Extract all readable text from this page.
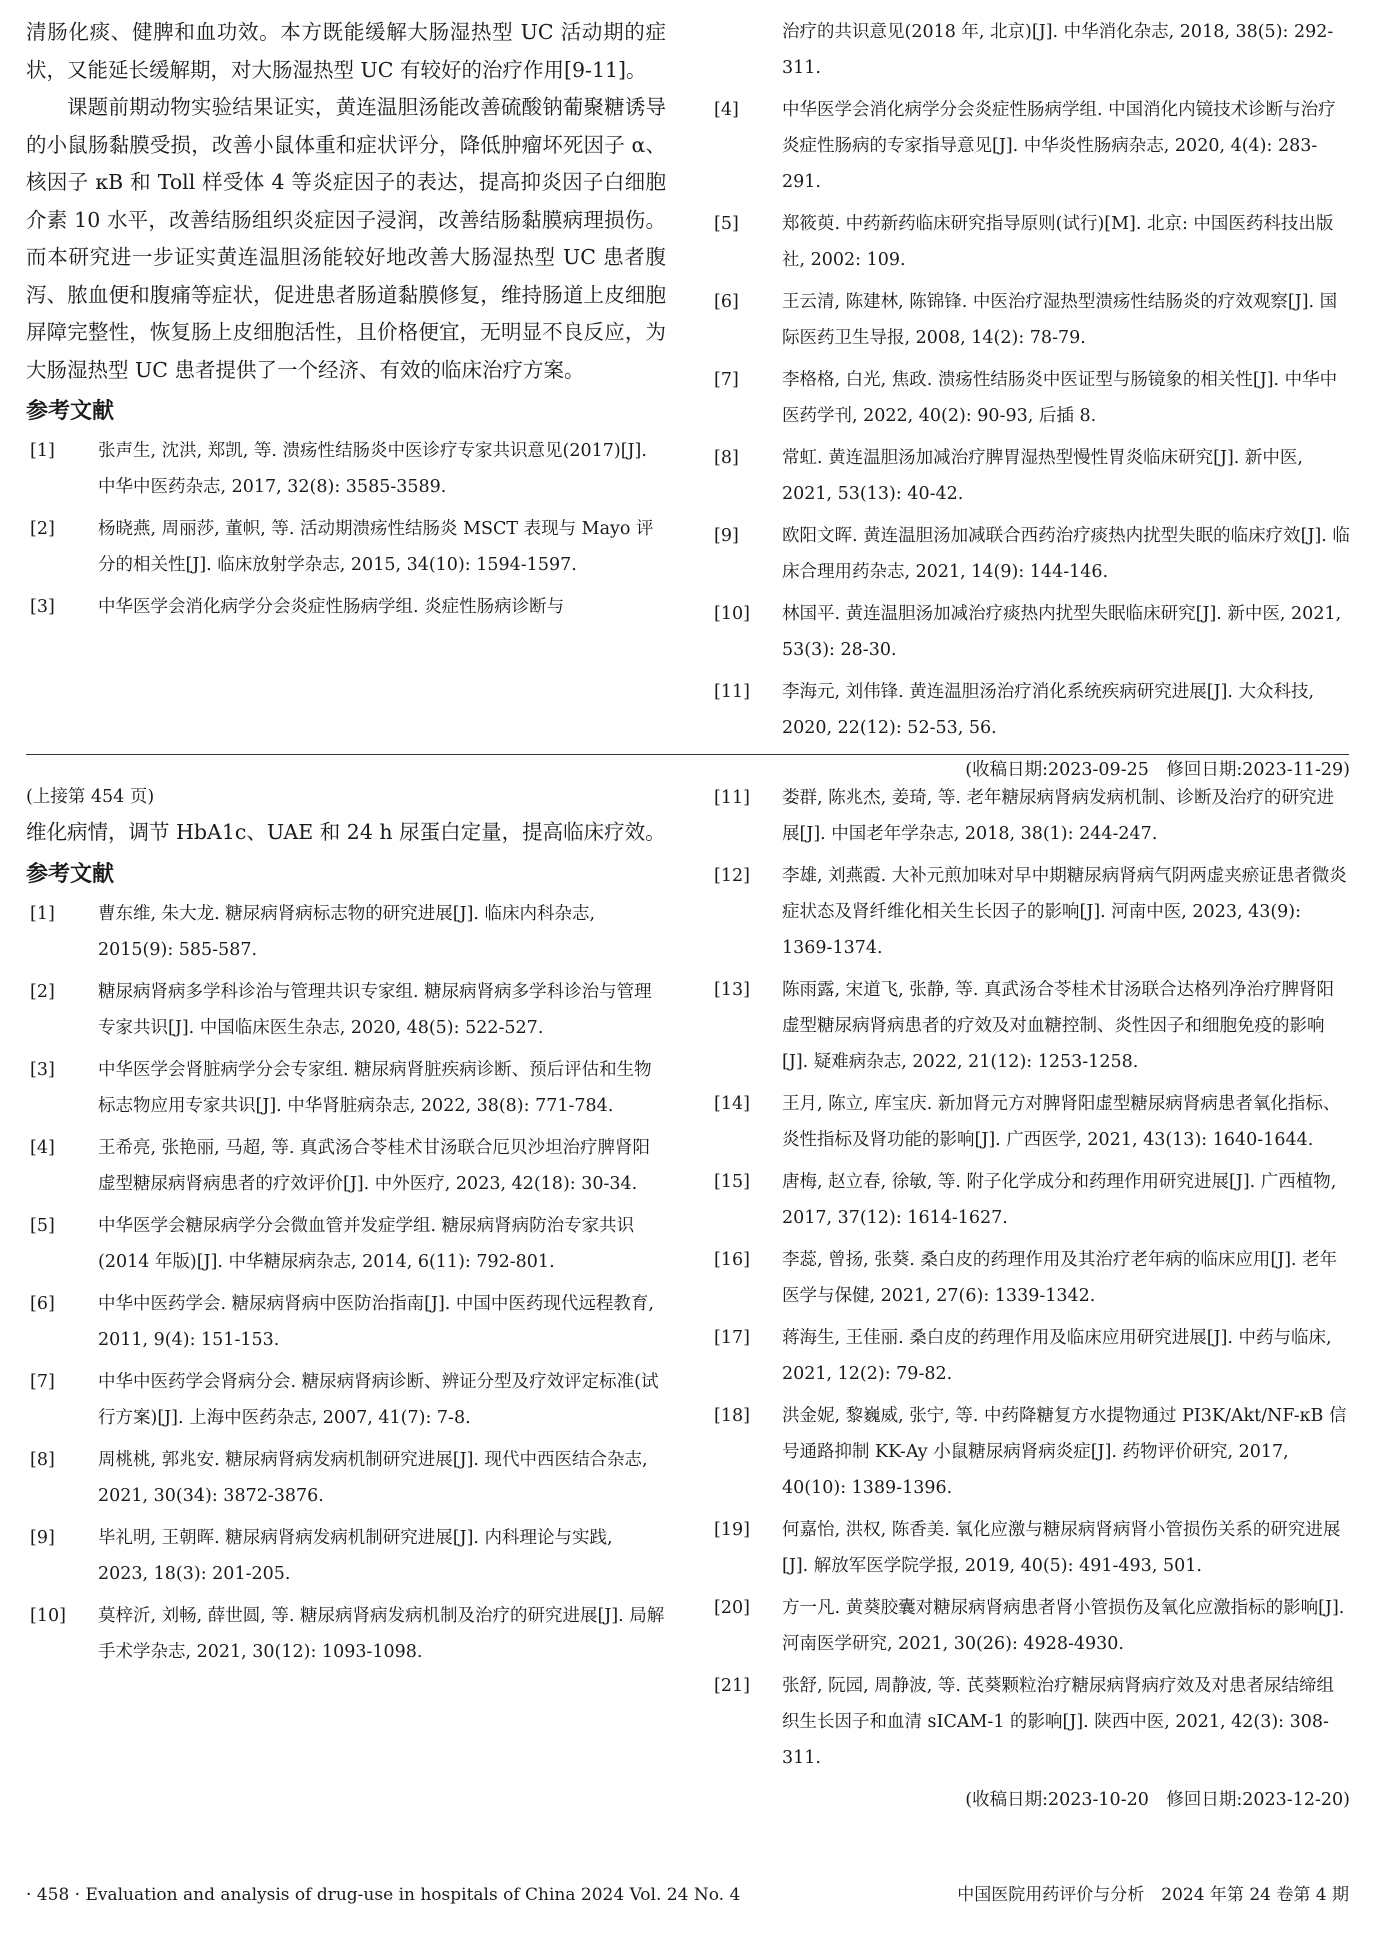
清肠化痰、健脾和血功效。本方既能缓解大肠湿热型 UC 活动期的症状，又能延长缓解期，对大肠湿热型 UC 有较好的治疗作用[9-11]。

课题前期动物实验结果证实，黄连温胆汤能改善硫酸钠葡聚糖诱导的小鼠肠黏膜受损，改善小鼠体重和症状评分，降低肿瘤坏死因子 α、核因子 κB 和 Toll 样受体 4 等炎症因子的表达，提高抑炎因子白细胞介素 10 水平，改善结肠组织炎症因子浸润，改善结肠黏膜病理损伤。而本研究进一步证实黄连温胆汤能较好地改善大肠湿热型 UC 患者腹泻、脓血便和腹痛等症状，促进患者肠道黏膜修复，维持肠道上皮细胞屏障完整性，恢复肠上皮细胞活性，且价格便宜，无明显不良反应，为大肠湿热型 UC 患者提供了一个经济、有效的临床治疗方案。

参考文献
[1] 张声生, 沈洪, 郑凯, 等. 溃疡性结肠炎中医诊疗专家共识意见(2017)[J]. 中华中医药杂志, 2017, 32(8): 3585-3589.
[2] 杨晓燕, 周丽莎, 董帜, 等. 活动期溃疡性结肠炎 MSCT 表现与 Mayo 评分的相关性[J]. 临床放射学杂志, 2015, 34(10): 1594-1597.
[3] 中华医学会消化病学分会炎症性肠病学组. 炎症性肠病诊断与
治疗的共识意见(2018 年, 北京)[J]. 中华消化杂志, 2018, 38(5): 292-311.
[4] 中华医学会消化病学分会炎症性肠病学组. 中国消化内镜技术诊断与治疗炎症性肠病的专家指导意见[J]. 中华炎性肠病杂志, 2020, 4(4): 283-291.
[5] 郑筱萸. 中药新药临床研究指导原则(试行)[M]. 北京: 中国医药科技出版社, 2002: 109.
[6] 王云清, 陈建林, 陈锦锋. 中医治疗湿热型溃疡性结肠炎的疗效观察[J]. 国际医药卫生导报, 2008, 14(2): 78-79.
[7] 李格格, 白光, 焦政. 溃疡性结肠炎中医证型与肠镜象的相关性[J]. 中华中医药学刊, 2022, 40(2): 90-93, 后插 8.
[8] 常虹. 黄连温胆汤加减治疗脾胃湿热型慢性胃炎临床研究[J]. 新中医, 2021, 53(13): 40-42.
[9] 欧阳文晖. 黄连温胆汤加减联合西药治疗痰热内扰型失眠的临床疗效[J]. 临床合理用药杂志, 2021, 14(9): 144-146.
[10] 林国平. 黄连温胆汤加减治疗痰热内扰型失眠临床研究[J]. 新中医, 2021, 53(3): 28-30.
[11] 李海元, 刘伟锋. 黄连温胆汤治疗消化系统疾病研究进展[J]. 大众科技, 2020, 22(12): 52-53, 56.
(收稿日期:2023-09-25　修回日期:2023-11-29)

(上接第 454 页)

维化病情，调节 HbA1c、UAE 和 24 h 尿蛋白定量，提高临床疗效。

参考文献
[1] 曹东维, 朱大龙. 糖尿病肾病标志物的研究进展[J]. 临床内科杂志, 2015(9): 585-587.
[2] 糖尿病肾病多学科诊治与管理共识专家组. 糖尿病肾病多学科诊治与管理专家共识[J]. 中国临床医生杂志, 2020, 48(5): 522-527.
[3] 中华医学会肾脏病学分会专家组. 糖尿病肾脏疾病诊断、预后评估和生物标志物应用专家共识[J]. 中华肾脏病杂志, 2022, 38(8): 771-784.
[4] 王希亮, 张艳丽, 马超, 等. 真武汤合苓桂术甘汤联合厄贝沙坦治疗脾肾阳虚型糖尿病肾病患者的疗效评价[J]. 中外医疗, 2023, 42(18): 30-34.
[5] 中华医学会糖尿病学分会微血管并发症学组. 糖尿病肾病防治专家共识(2014 年版)[J]. 中华糖尿病杂志, 2014, 6(11): 792-801.
[6] 中华中医药学会. 糖尿病肾病中医防治指南[J]. 中国中医药现代远程教育, 2011, 9(4): 151-153.
[7] 中华中医药学会肾病分会. 糖尿病肾病诊断、辨证分型及疗效评定标准(试行方案)[J]. 上海中医药杂志, 2007, 41(7): 7-8.
[8] 周桃桃, 郭兆安. 糖尿病肾病发病机制研究进展[J]. 现代中西医结合杂志, 2021, 30(34): 3872-3876.
[9] 毕礼明, 王朝晖. 糖尿病肾病发病机制研究进展[J]. 内科理论与实践, 2023, 18(3): 201-205.
[10] 莫梓沂, 刘畅, 薛世圆, 等. 糖尿病肾病发病机制及治疗的研究进展[J]. 局解手术学杂志, 2021, 30(12): 1093-1098.
[11] 娄群, 陈兆杰, 姜琦, 等. 老年糖尿病肾病发病机制、诊断及治疗的研究进展[J]. 中国老年学杂志, 2018, 38(1): 244-247.
[12] 李雄, 刘燕霞. 大补元煎加味对早中期糖尿病肾病气阴两虚夹瘀证患者微炎症状态及肾纤维化相关生长因子的影响[J]. 河南中医, 2023, 43(9): 1369-1374.
[13] 陈雨露, 宋道飞, 张静, 等. 真武汤合苓桂术甘汤联合达格列净治疗脾肾阳虚型糖尿病肾病患者的疗效及对血糖控制、炎性因子和细胞免疫的影响[J]. 疑难病杂志, 2022, 21(12): 1253-1258.
[14] 王月, 陈立, 库宝庆. 新加肾元方对脾肾阳虚型糖尿病肾病患者氧化指标、炎性指标及肾功能的影响[J]. 广西医学, 2021, 43(13): 1640-1644.
[15] 唐梅, 赵立春, 徐敏, 等. 附子化学成分和药理作用研究进展[J]. 广西植物, 2017, 37(12): 1614-1627.
[16] 李蕊, 曾扬, 张葵. 桑白皮的药理作用及其治疗老年病的临床应用[J]. 老年医学与保健, 2021, 27(6): 1339-1342.
[17] 蒋海生, 王佳丽. 桑白皮的药理作用及临床应用研究进展[J]. 中药与临床, 2021, 12(2): 79-82.
[18] 洪金妮, 黎巍威, 张宁, 等. 中药降糖复方水提物通过 PI3K/Akt/NF-κB 信号通路抑制 KK-Ay 小鼠糖尿病肾病炎症[J]. 药物评价研究, 2017, 40(10): 1389-1396.
[19] 何嘉怡, 洪权, 陈香美. 氧化应激与糖尿病肾病肾小管损伤关系的研究进展[J]. 解放军医学院学报, 2019, 40(5): 491-493, 501.
[20] 方一凡. 黄葵胶囊对糖尿病肾病患者肾小管损伤及氧化应激指标的影响[J]. 河南医学研究, 2021, 30(26): 4928-4930.
[21] 张舒, 阮园, 周静波, 等. 芪葵颗粒治疗糖尿病肾病疗效及对患者尿结缔组织生长因子和血清 sICAM-1 的影响[J]. 陕西中医, 2021, 42(3): 308-311.
(收稿日期:2023-10-20　修回日期:2023-12-20)
· 458 · Evaluation and analysis of drug-use in hospitals of China 2024 Vol. 24 No. 4	中国医院用药评价与分析　2024 年第 24 卷第 4 期
